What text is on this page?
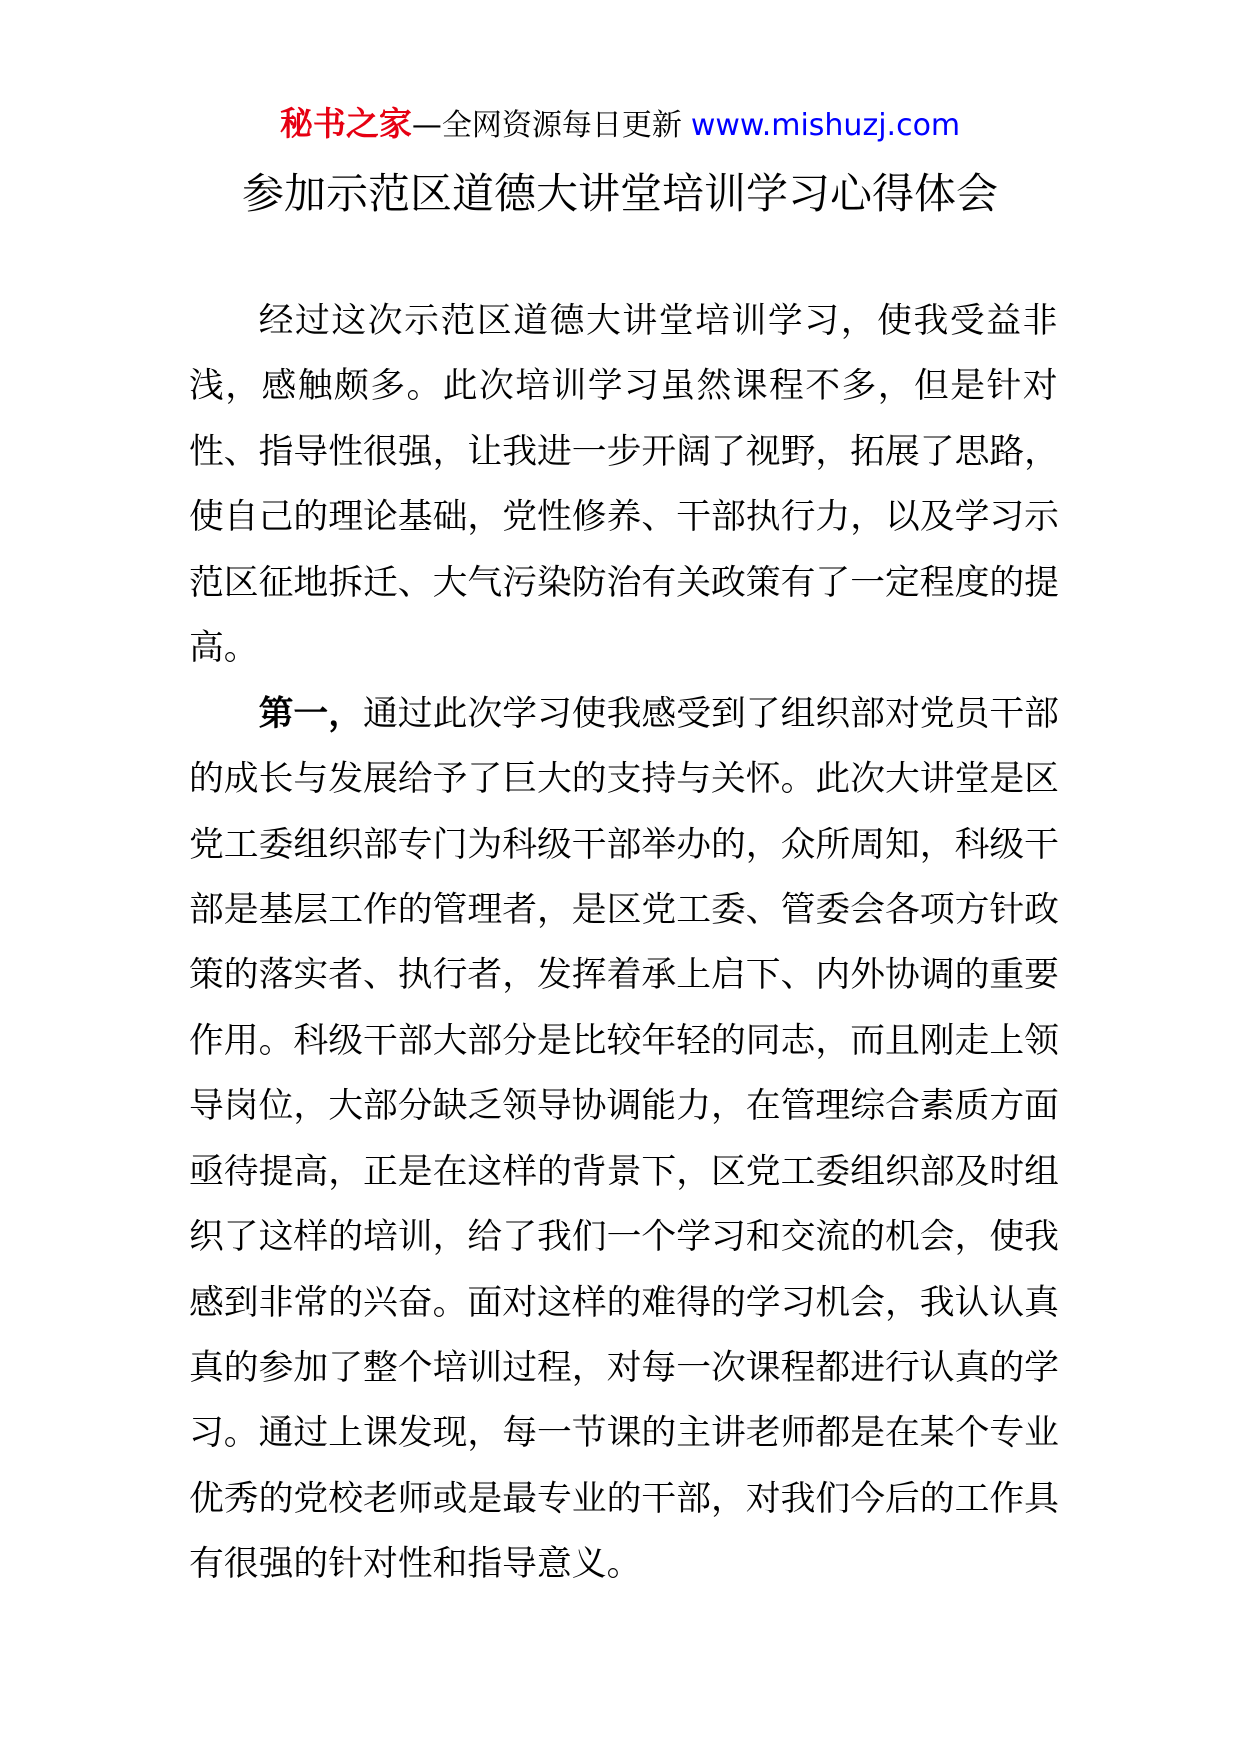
秘书之家—全网资源每日更新 www.mishuzj.com
参加示范区道德大讲堂培训学习心得体会
经过这次示范区道德大讲堂培训学习，使我受益非
浅，感触颇多。此次培训学习虽然课程不多，但是针对
性、指导性很强，让我进一步开阔了视野，拓展了思路，
使自己的理论基础，党性修养、干部执行力，以及学习示
范区征地拆迁、大气污染防治有关政策有了一定程度的提
高。
第一，通过此次学习使我感受到了组织部对党员干部
的成长与发展给予了巨大的支持与关怀。此次大讲堂是区
党工委组织部专门为科级干部举办的，众所周知，科级干
部是基层工作的管理者，是区党工委、管委会各项方针政
策的落实者、执行者，发挥着承上启下、内外协调的重要
作用。科级干部大部分是比较年轻的同志，而且刚走上领
导岗位，大部分缺乏领导协调能力，在管理综合素质方面
亟待提高，正是在这样的背景下，区党工委组织部及时组
织了这样的培训，给了我们一个学习和交流的机会，使我
感到非常的兴奋。面对这样的难得的学习机会，我认认真
真的参加了整个培训过程，对每一次课程都进行认真的学
习。通过上课发现，每一节课的主讲老师都是在某个专业
优秀的党校老师或是最专业的干部，对我们今后的工作具
有很强的针对性和指导意义。
